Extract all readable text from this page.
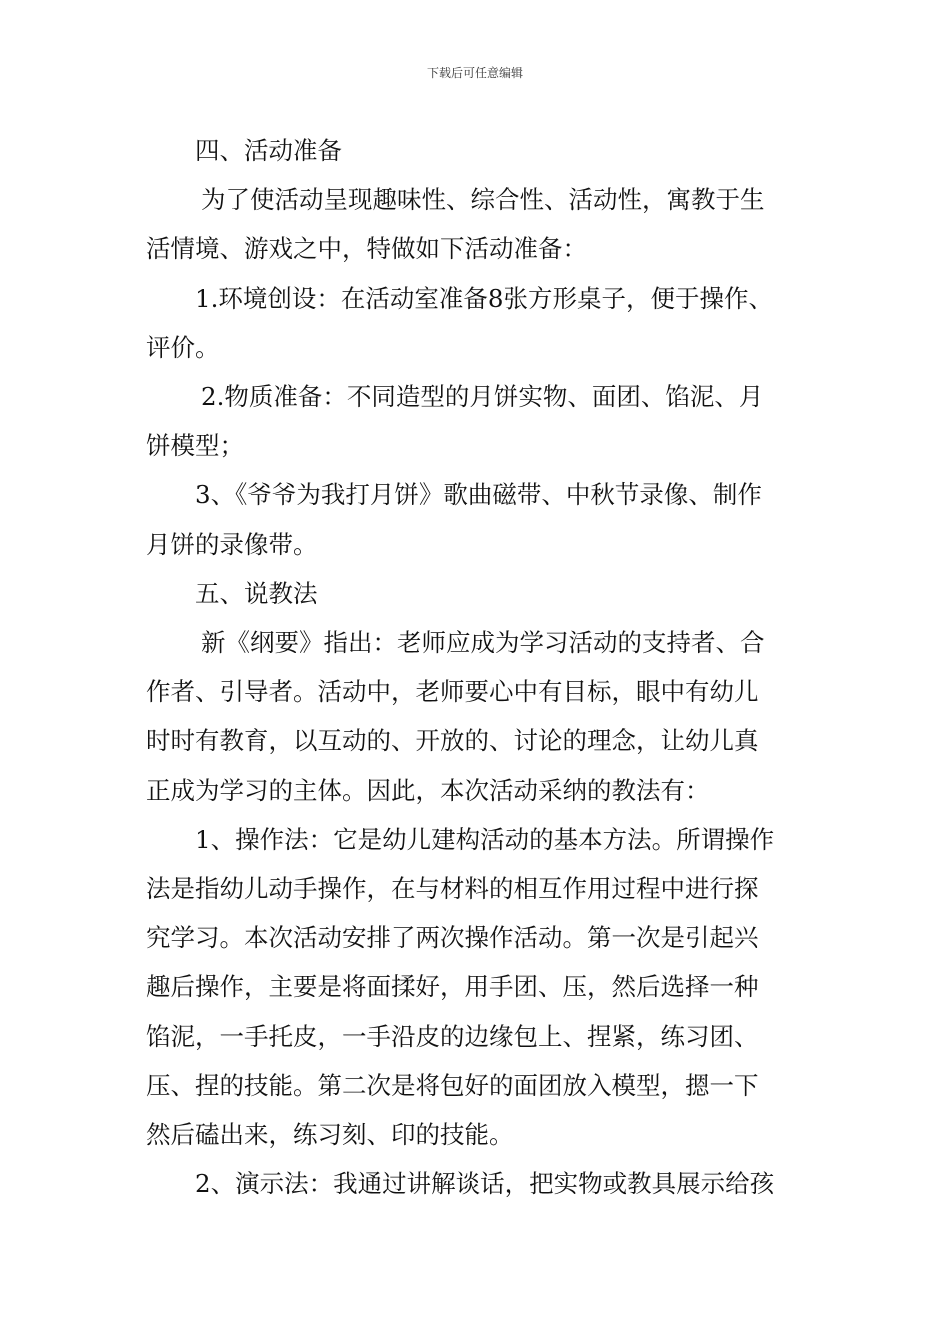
下载后可任意编辑

四、活动准备

为了使活动呈现趣味性、综合性、活动性，寓教于生

活情境、游戏之中，特做如下活动准备：

1.环境创设：在活动室准备8张方形桌子，便于操作、

评价。

2.物质准备：不同造型的月饼实物、面团、馅泥、月

饼模型；

3、《爷爷为我打月饼》歌曲磁带、中秋节录像、制作

月饼的录像带。

五、说教法

新《纲要》指出：老师应成为学习活动的支持者、合

作者、引导者。活动中，老师要心中有目标，眼中有幼儿

时时有教育，以互动的、开放的、讨论的理念，让幼儿真

正成为学习的主体。因此，本次活动采纳的教法有：

1、操作法：它是幼儿建构活动的基本方法。所谓操作

法是指幼儿动手操作，在与材料的相互作用过程中进行探

究学习。本次活动安排了两次操作活动。第一次是引起兴

趣后操作，主要是将面揉好，用手团、压，然后选择一种

馅泥，一手托皮，一手沿皮的边缘包上、捏紧，练习团、

压、捏的技能。第二次是将包好的面团放入模型，摁一下

然后磕出来，练习刻、印的技能。

2、演示法：我通过讲解谈话，把实物或教具展示给孩
